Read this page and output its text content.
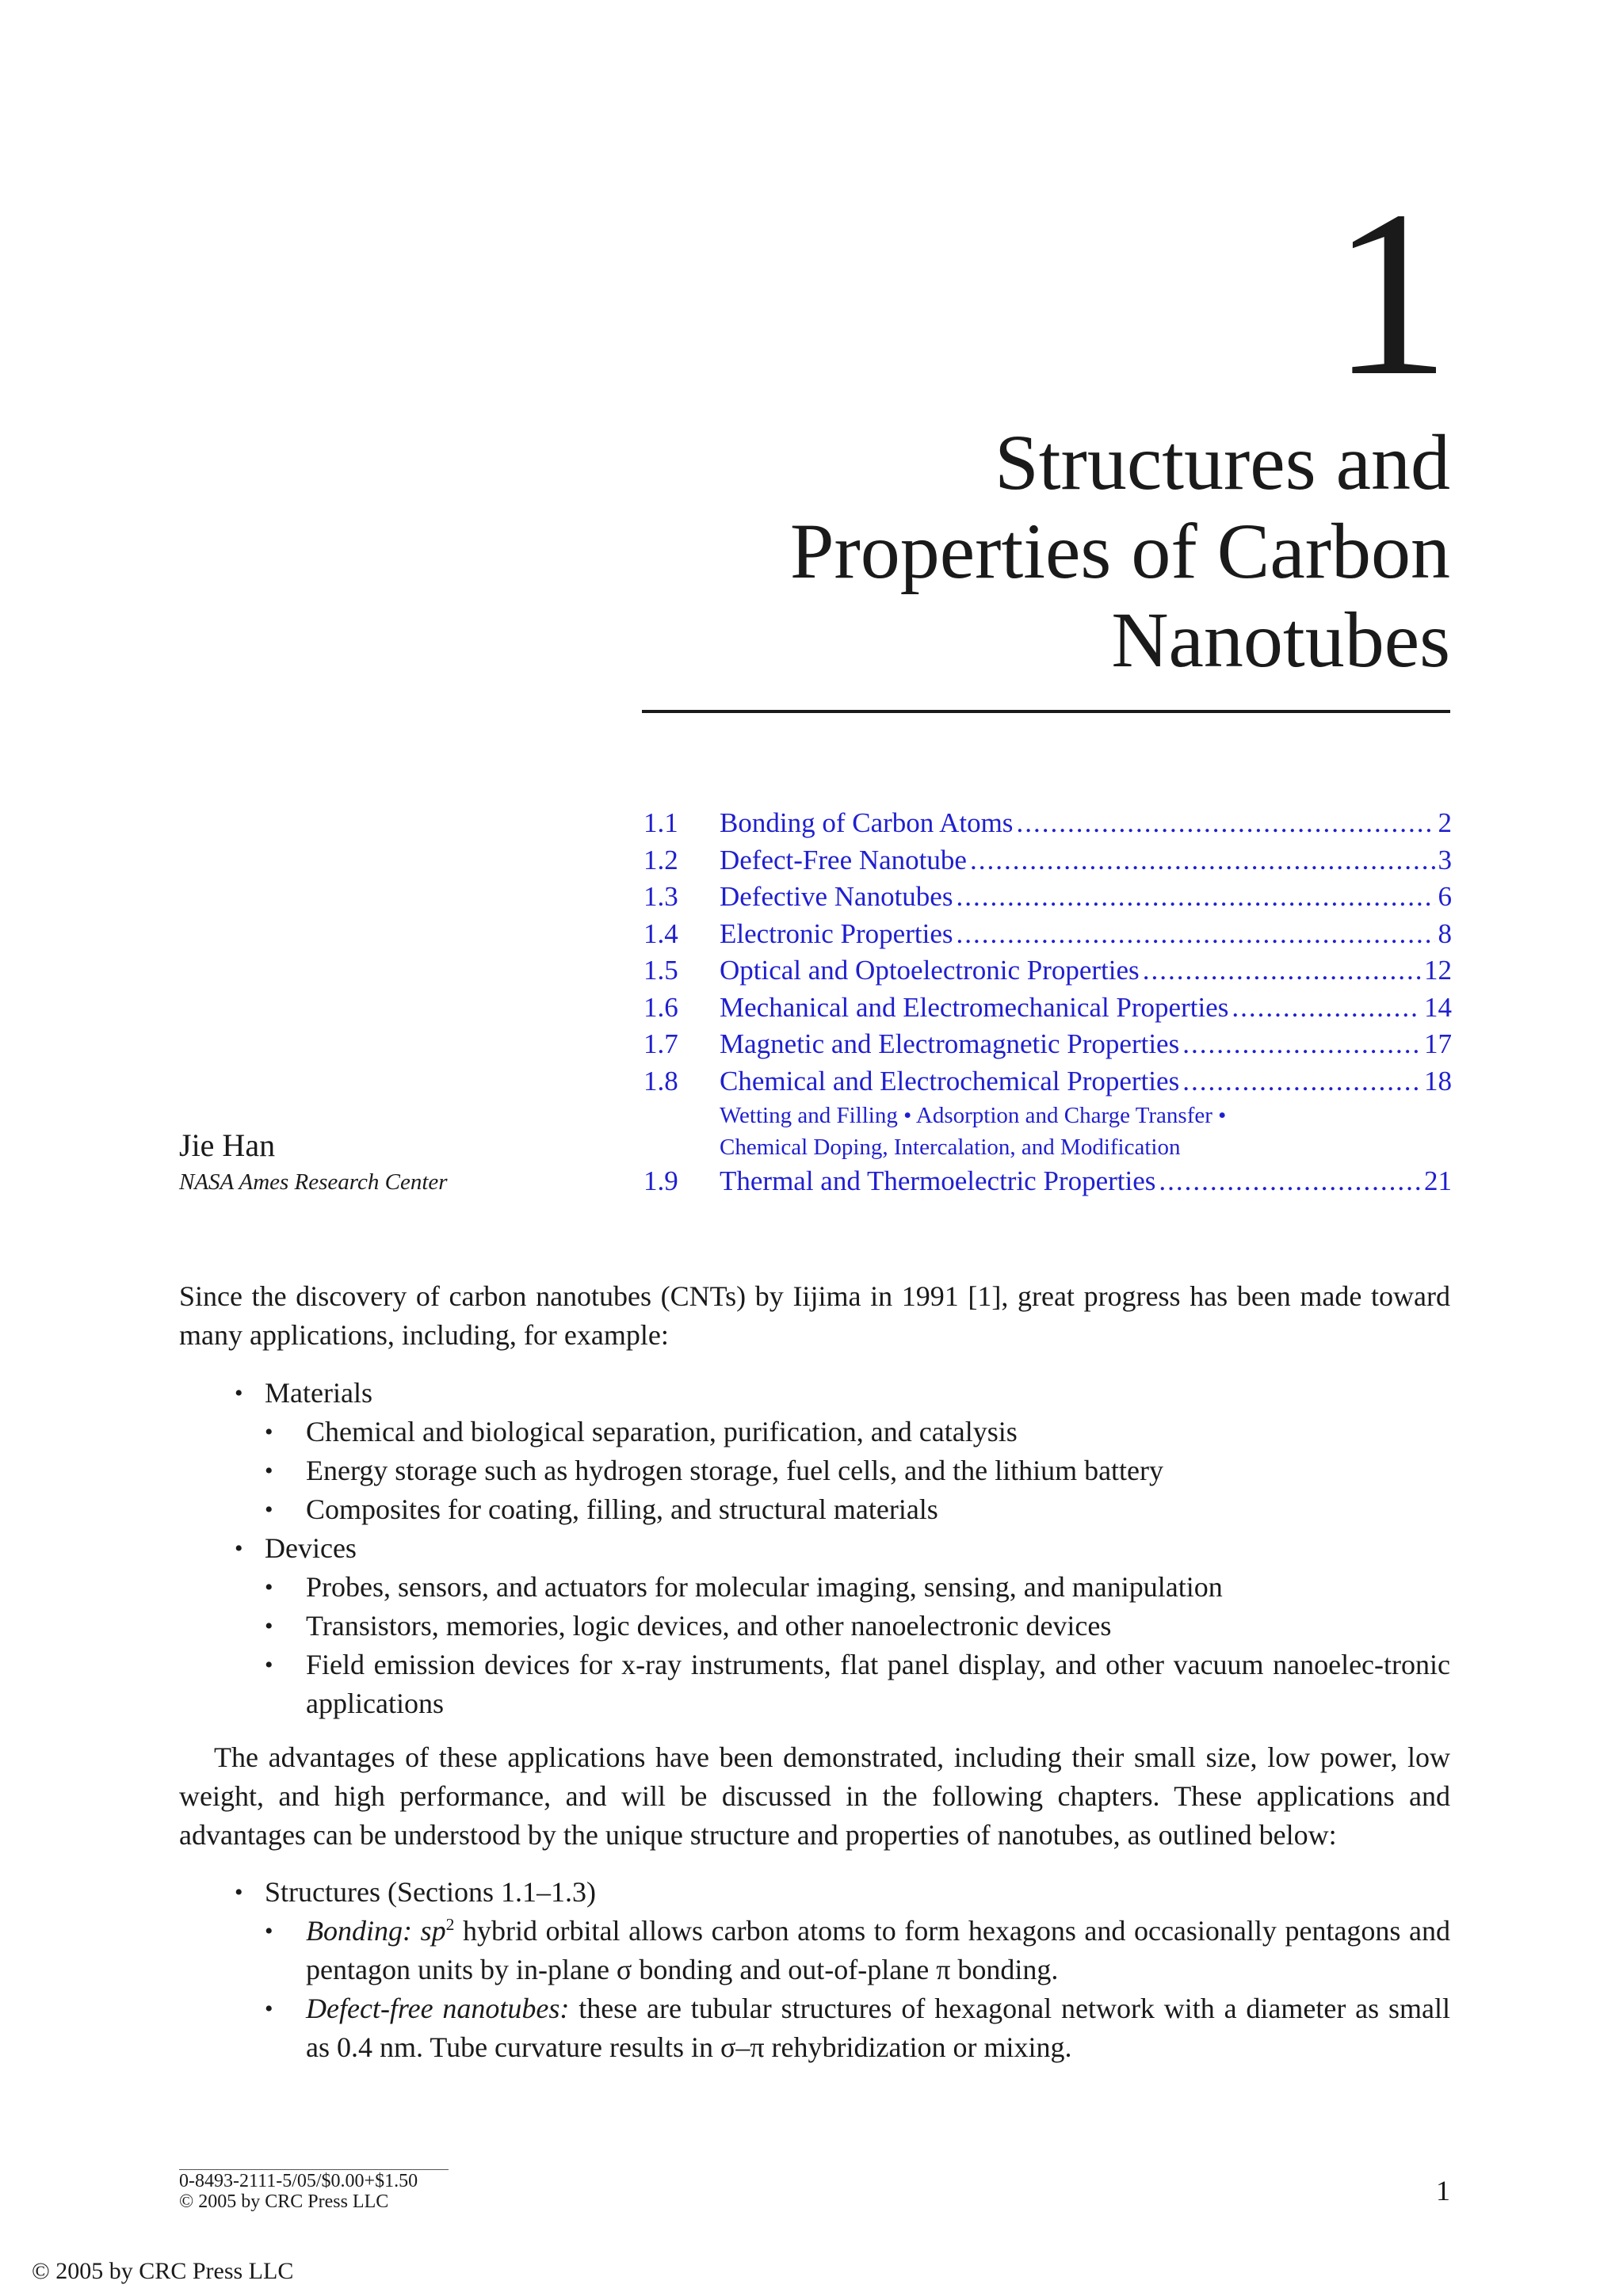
1
Structures and
Properties of Carbon
Nanotubes
1.1	Bonding of Carbon Atoms .....	2
1.2	Defect-Free Nanotube .....	3
1.3	Defective Nanotubes .....	6
1.4	Electronic Properties .....	8
1.5	Optical and Optoelectronic Properties .....	12
1.6	Mechanical and Electromechanical Properties .....	14
1.7	Magnetic and Electromagnetic Properties .....	17
1.8	Chemical and Electrochemical Properties .....	18
Wetting and Filling • Adsorption and Charge Transfer •
Chemical Doping, Intercalation, and Modification
1.9	Thermal and Thermoelectric Properties .....	21
Jie Han
NASA Ames Research Center
Since the discovery of carbon nanotubes (CNTs) by Iijima in 1991 [1], great progress has been made toward many applications, including, for example:
• Materials
• Chemical and biological separation, purification, and catalysis
• Energy storage such as hydrogen storage, fuel cells, and the lithium battery
• Composites for coating, filling, and structural materials
• Devices
• Probes, sensors, and actuators for molecular imaging, sensing, and manipulation
• Transistors, memories, logic devices, and other nanoelectronic devices
• Field emission devices for x-ray instruments, flat panel display, and other vacuum nanoelec-tronic applications
The advantages of these applications have been demonstrated, including their small size, low power, low weight, and high performance, and will be discussed in the following chapters. These applications and advantages can be understood by the unique structure and properties of nanotubes, as outlined below:
• Structures (Sections 1.1–1.3)
• Bonding: $sp^2$ hybrid orbital allows carbon atoms to form hexagons and occasionally pentagons and pentagon units by in-plane σ bonding and out-of-plane π bonding.
• Defect-free nanotubes: these are tubular structures of hexagonal network with a diameter as small as 0.4 nm. Tube curvature results in σ–π rehybridization or mixing.
0-8493-2111-5/05/$0.00+$1.50
© 2005 by CRC Press LLC	1
© 2005 by CRC Press LLC
